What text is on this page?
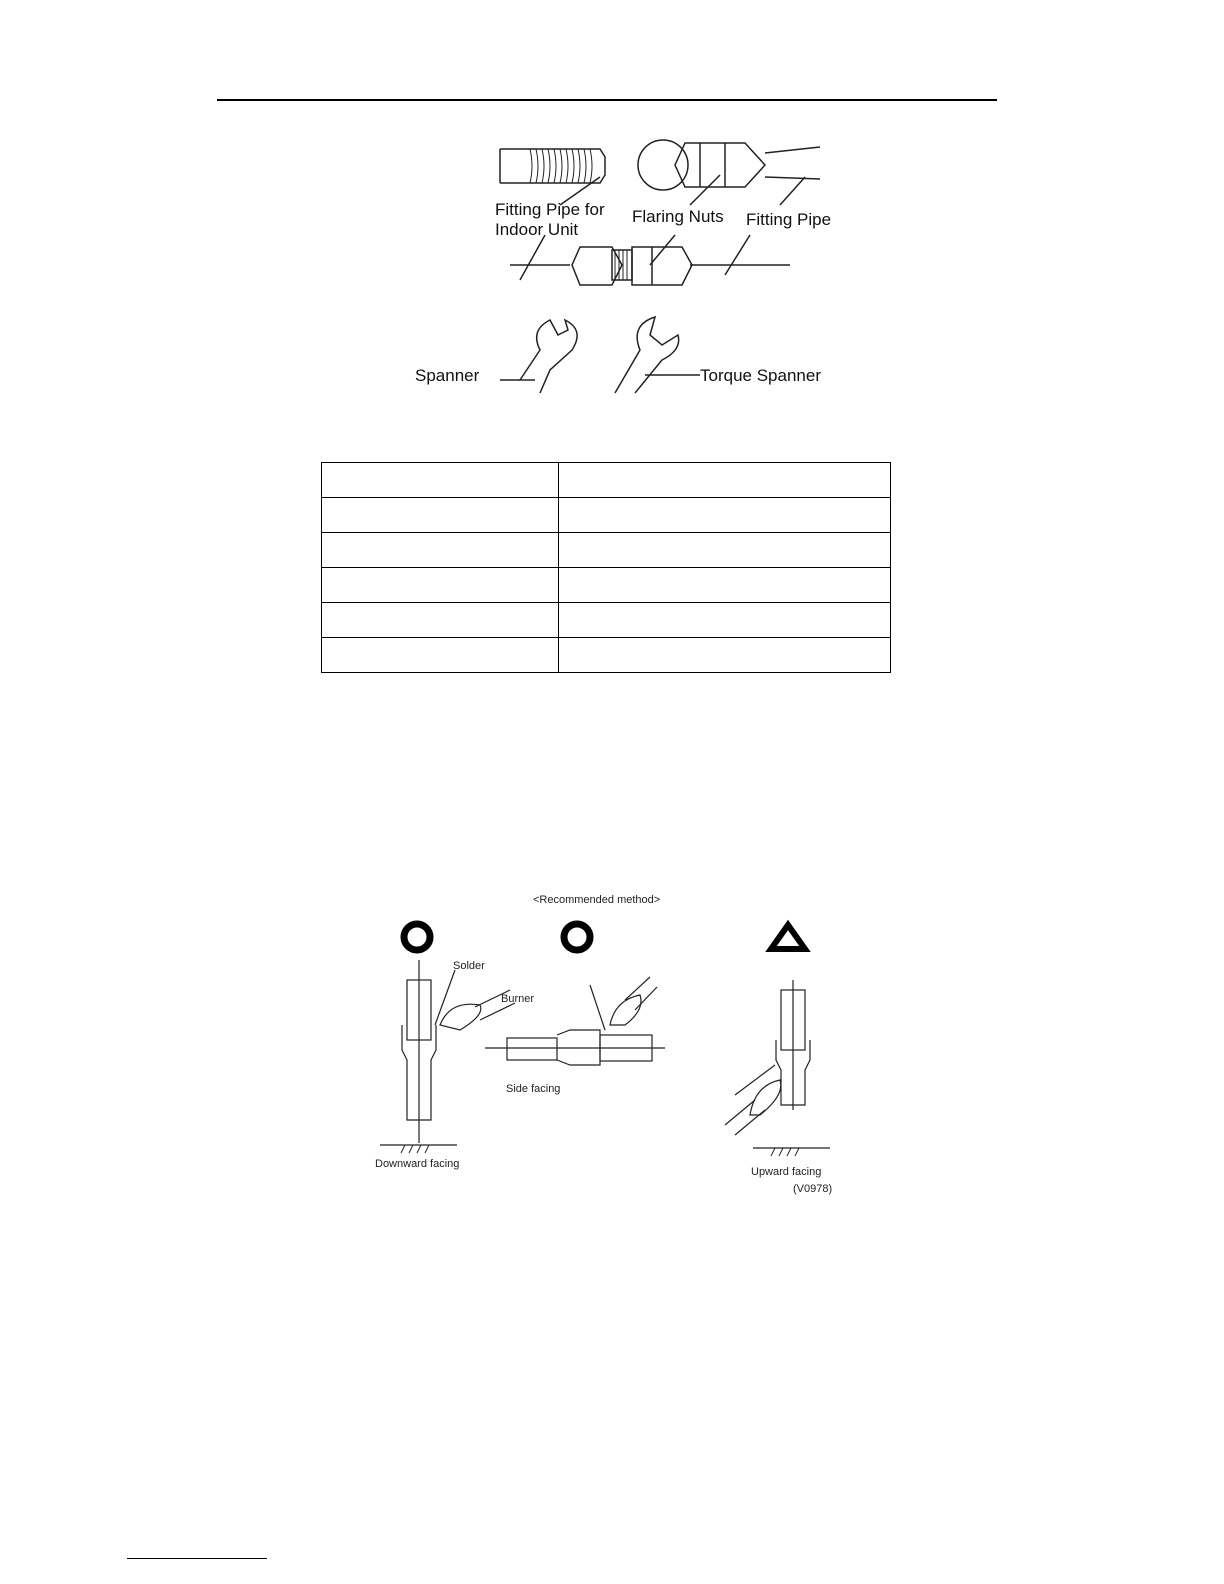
Fitting Pipe for
Indoor Unit
Flaring Nuts Fitting Pipe
Spanner	Torque Spanner

<Recommended method>
Solder
Burner
Side facing
Downward facing
Upward facing
(V0978)
